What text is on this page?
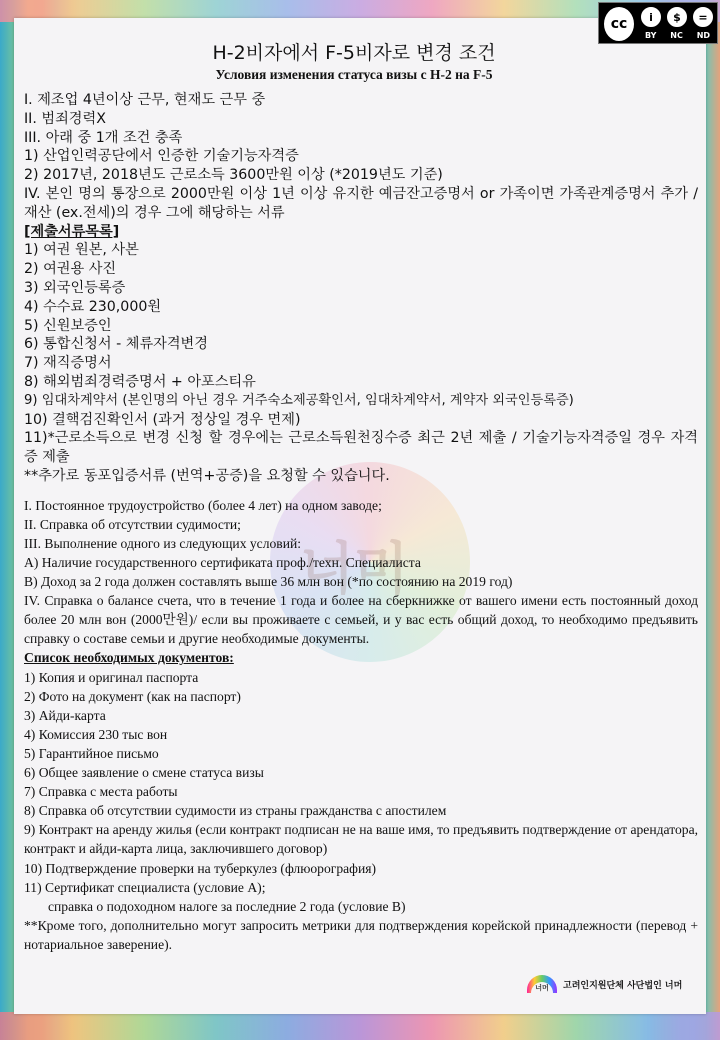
cc	i	$	=
BY NC ND
너머
H-2비자에서 F-5비자로 변경 조건
Условия изменения статуса визы с H-2 на F-5
I. 제조업 4년이상 근무, 현재도 근무 중
II. 범죄경력X
III. 아래 중 1개 조건 충족
1) 산업인력공단에서 인증한 기술기능자격증
2) 2017년, 2018년도 근로소득 3600만원 이상 (*2019년도 기준)
IV. 본인 명의 통장으로 2000만원 이상 1년 이상 유지한 예금잔고증명서 or 가족이면 가족관계증명서 추가 / 재산 (ex.전세)의 경우 그에 해당하는 서류
[제출서류목록]
1) 여권 원본, 사본
2) 여권용 사진
3) 외국인등록증
4) 수수료 230,000원
5) 신원보증인
6) 통합신청서 - 체류자격변경
7) 재직증명서
8) 해외범죄경력증명서 + 아포스티유
9) 임대차계약서 (본인명의 아닌 경우 거주숙소제공확인서, 임대차계약서, 계약자 외국인등록증)
10) 결핵검진확인서 (과거 정상일 경우 면제)
11)*근로소득으로 변경 신청 할 경우에는 근로소득원천징수증 최근 2년 제출 / 기술기능자격증일 경우 자격증 제출
**추가로 동포입증서류 (번역+공증)을 요청할 수 있습니다.
I. Постоянное трудоустройство (более 4 лет) на одном заводе;
II. Справка об отсутствии судимости;
III. Выполнение одного из следующих условий:
А) Наличие государственного сертификата проф./техн. Специалиста
В) Доход за 2 года должен составлять выше 36 млн вон (*по состоянию на 2019 год)
IV. Справка о балансе счета, что в течение 1 года и более на сберкнижке от вашего имени есть постоянный доход более 20 млн вон (2000만원)/ если вы проживаете с семьей, и у вас есть общий доход, то необходимо предъявить справку о составе семьи и другие необходимые документы.
Список необходимых документов:
1) Копия и оригинал паспорта
2) Фото на документ (как на паспорт)
3) Айди-карта
4) Комиссия 230 тыс вон
5) Гарантийное письмо
6) Общее заявление о смене статуса визы
7) Справка с места работы
8) Справка об отсутствии судимости из страны гражданства с апостилем
9) Контракт на аренду жилья (если контракт подписан не на ваше имя, то предъявить подтверждение от арендатора, контракт и айди-карта лица, заключившего договор)
10) Подтверждение проверки на туберкулез (флюорография)
11) Сертификат специалиста (условие А);
справка о подоходном налоге за последние 2 года (условие В)
**Кроме того, дополнительно могут запросить метрики для подтверждения корейской принадлежности (перевод + нотариальное заверение).
너머	고려인지원단체 사단법인 너머
